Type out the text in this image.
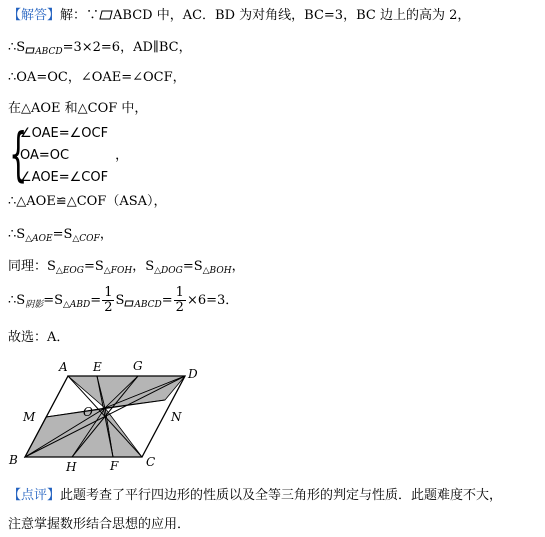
【解答】解：∵ ABCD 中，AC．BD 为对角线，BC=3，BC 边上的高为 2，
∴S $_{ABCD}$=3×2=6，AD∥BC，
∴OA=OC，∠OAE=∠OCF，
在△AOE 和△COF 中，
{
∠OAE=∠OCF
OA=OC	，
∠AOE=∠COF
∴△AOE≌△COF（ASA），
$\therefore S_{\triangle AOE}=S_{\triangle COF}$，
同理：$S_{\triangle EOG}=S_{\triangle FOH}$，$S_{\triangle DOG}=S_{\triangle BOH}$，
$\therefore S_{阴影}=S_{\triangle ABD}= \frac{1}{2}$ S $_{ABCD}= \frac{1}{2} \times 6=3$．
故选：A．
A E	G
D
M	O	N
B	H	F C
【点评】此题考查了平行四边形的性质以及全等三角形的判定与性质．此题难度不大，
注意掌握数形结合思想的应用．
